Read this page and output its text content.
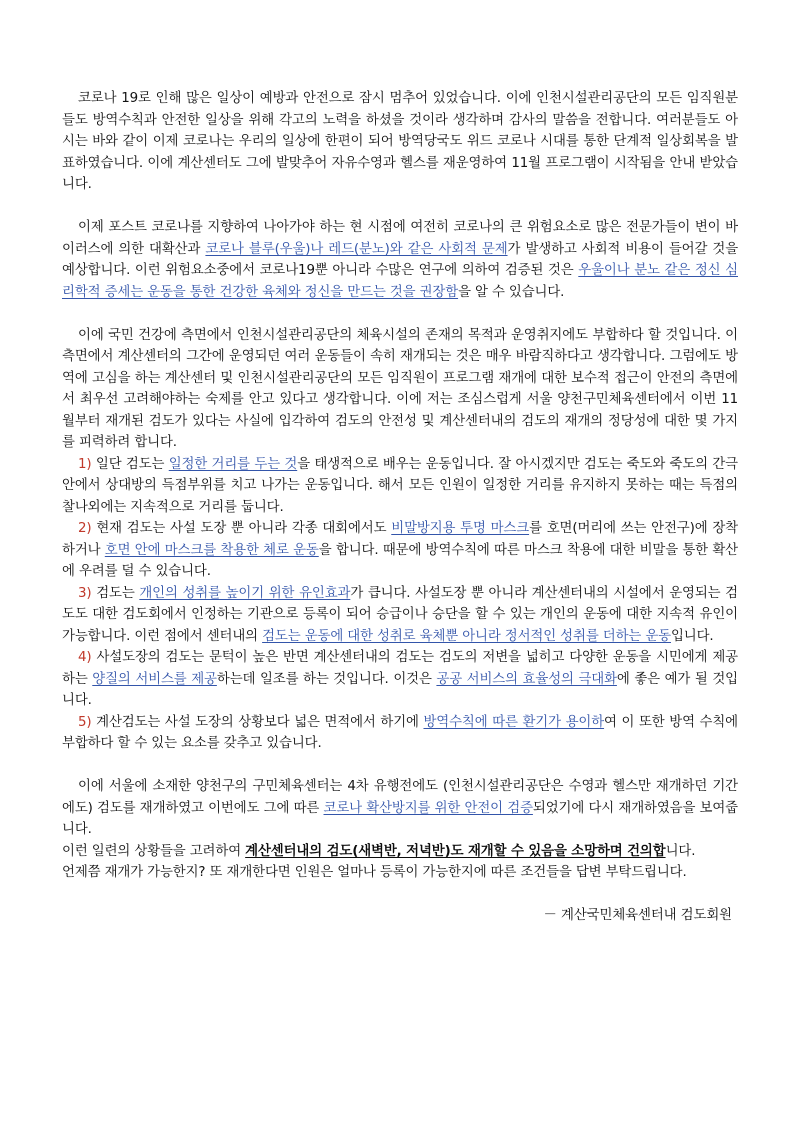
코로나 19로 인해 많은 일상이 예방과 안전으로 잠시 멈추어 있었습니다. 이에 인천시설관리공단의 모든 임직원분들도 방역수칙과 안전한 일상을 위해 각고의 노력을 하셨을 것이라 생각하며 감사의 말씀을 전합니다. 여러분들도 아시는 바와 같이 이제 코로나는 우리의 일상에 한편이 되어 방역당국도 위드 코로나 시대를 통한 단계적 일상회복을 발표하였습니다. 이에 계산센터도 그에 발맞추어 자유수영과 헬스를 재운영하여 11월 프로그램이 시작됨을 안내 받았습니다.

이제 포스트 코로나를 지향하여 나아가야 하는 현 시점에 여전히 코로나의 큰 위험요소로 많은 전문가들이 변이 바이러스에 의한 대확산과 코로나 블루(우울)나 레드(분노)와 같은 사회적 문제가 발생하고 사회적 비용이 들어갈 것을 예상합니다. 이런 위험요소중에서 코로나19뿐 아니라 수많은 연구에 의하여 검증된 것은 우울이나 분노 같은 정신 심리학적 증세는 운동을 통한 건강한 육체와 정신을 만드는 것을 권장함을 알 수 있습니다.

이에 국민 건강에 측면에서 인천시설관리공단의 체육시설의 존재의 목적과 운영취지에도 부합하다 할 것입니다. 이 측면에서 계산센터의 그간에 운영되던 여러 운동들이 속히 재개되는 것은 매우 바람직하다고 생각합니다. 그럼에도 방역에 고심을 하는 계산센터 및 인천시설관리공단의 모든 임직원이 프로그램 재개에 대한 보수적 접근이 안전의 측면에서 최우선 고려해야하는 숙제를 안고 있다고 생각합니다. 이에 저는 조심스럽게 서울 양천구민체육센터에서 이번 11월부터 재개된 검도가 있다는 사실에 입각하여 검도의 안전성 및 계산센터내의 검도의 재개의 정당성에 대한 몇 가지를 피력하려 합니다.

1) 일단 검도는 일정한 거리를 두는 것을 태생적으로 배우는 운동입니다. 잘 아시겠지만 검도는 죽도와 죽도의 간극안에서 상대방의 득점부위를 치고 나가는 운동입니다. 해서 모든 인원이 일정한 거리를 유지하지 못하는 때는 득점의 찰나외에는 지속적으로 거리를 둡니다.

2) 현재 검도는 사설 도장 뿐 아니라 각종 대회에서도 비말방지용 투명 마스크를 호면(머리에 쓰는 안전구)에 장착하거나 호면 안에 마스크를 착용한 체로 운동을 합니다. 때문에 방역수칙에 따른 마스크 착용에 대한 비말을 통한 확산에 우려를 덜 수 있습니다.

3) 검도는 개인의 성취를 높이기 위한 유인효과가 큽니다. 사설도장 뿐 아니라 계산센터내의 시설에서 운영되는 검도도 대한 검도회에서 인정하는 기관으로 등록이 되어 승급이나 승단을 할 수 있는 개인의 운동에 대한 지속적 유인이 가능합니다. 이런 점에서 센터내의 검도는 운동에 대한 성취로 육체뿐 아니라 정서적인 성취를 더하는 운동입니다.

4) 사설도장의 검도는 문턱이 높은 반면 계산센터내의 검도는 검도의 저변을 넓히고 다양한 운동을 시민에게 제공하는 양질의 서비스를 제공하는데 일조를 하는 것입니다. 이것은 공공 서비스의 효율성의 극대화에 좋은 예가 될 것입니다.

5) 계산검도는 사설 도장의 상황보다 넓은 면적에서 하기에 방역수칙에 따른 환기가 용이하여 이 또한 방역 수칙에 부합하다 할 수 있는 요소를 갖추고 있습니다.

이에 서울에 소재한 양천구의 구민체육센터는 4차 유행전에도 (인천시설관리공단은 수영과 헬스만 재개하던 기간에도) 검도를 재개하였고 이번에도 그에 따른 코로나 확산방지를 위한 안전이 검증되었기에 다시 재개하였음을 보여줍니다.

이런 일련의 상황들을 고려하여 계산센터내의 검도(새벽반, 저녁반)도 재개할 수 있음을 소망하며 건의합니다.

언제쯤 재개가 가능한지? 또 재개한다면 인원은 얼마나 등록이 가능한지에 따른 조건들을 답변 부탁드립니다.

－ 계산국민체육센터내 검도회원
